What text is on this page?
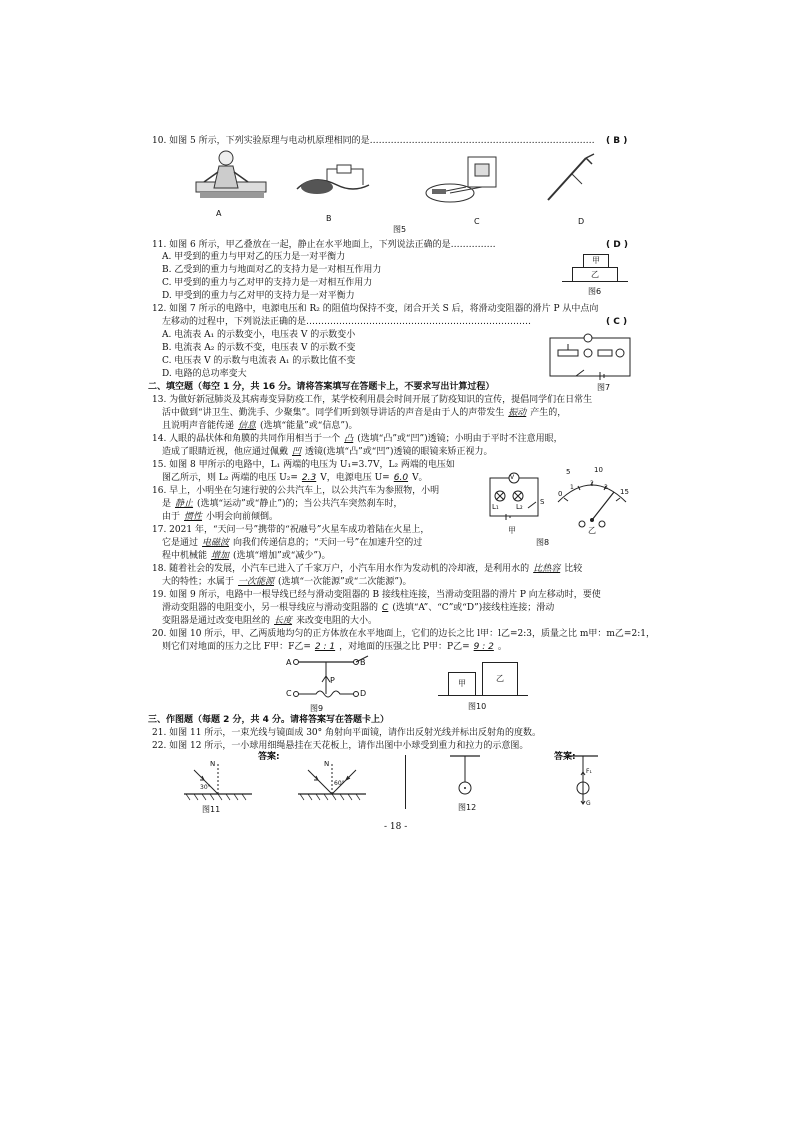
10. 如图 5 所示，下列实验原理与电动机原理相同的是………………………………………………………………… ( B )
A
B	C	D
图5
11. 如图 6 所示，甲乙叠放在一起，静止在水平地面上，下列说法正确的是……………	( D )
A. 甲受到的重力与甲对乙的压力是一对平衡力
B. 乙受到的重力与地面对乙的支持力是一对相互作用力
C. 甲受到的重力与乙对甲的支持力是一对相互作用力
D. 甲受到的重力与乙对甲的支持力是一对平衡力
甲
乙
图6
12. 如图 7 所示的电路中，电源电压和 R₂ 的阻值均保持不变，闭合开关 S 后，将滑动变阻器的滑片 P 从中点向
左移动的过程中，下列说法正确的是…………………………………………………………………	( C )
A. 电流表 A₁ 的示数变小，电压表 V 的示数变小
B. 电流表 A₂ 的示数不变，电压表 V 的示数不变
C. 电压表 V 的示数与电流表 A₁ 的示数比值不变
D. 电路的总功率变大
图7
二、填空题（每空 1 分，共 16 分。请将答案填写在答题卡上，不要求写出计算过程）
13. 为做好新冠肺炎及其病毒变异防疫工作，某学校利用晨会时间开展了防疫知识的宣传，提倡同学们在日常生
活中做到“讲卫生、勤洗手、少聚集”。同学们听到领导讲话的声音是由于人的声带发生 振动 产生的，
且说明声音能传递 信息 (选填“能量”或“信息”)。
14. 人眼的晶状体和角膜的共同作用相当于一个 凸 (选填“凸”或“凹”)透镜；小明由于平时不注意用眼，
造成了眼睛近视，他应通过佩戴 凹 透镜(选填“凸”或“凹”)透镜的眼镜来矫正视力。
15. 如图 8 甲所示的电路中，L₁ 两端的电压为 U₁=3.7V，L₂ 两端的电压如
图乙所示，则 L₂ 两端的电压 U₂= 2.3 V，电源电压 U= 6.0 V。
16. 早上，小明坐在匀速行驶的公共汽车上，以公共汽车为参照物，小明
是 静止 (选填“运动”或“静止”)的；当公共汽车突然刹车时，
由于 惯性 小明会向前倾倒。
17. 2021 年，“天问一号”携带的“祝融号”火星车成功着陆在火星上，
它是通过 电磁波 向我们传递信息的；“天问一号”在加速升空的过
程中机械能 增加 (选填“增加”或“减少”)。
V
L₁ L₂
S
甲
0
5	10
15
1
2
3
乙
图8
18. 随着社会的发展，小汽车已进入了千家万户，小汽车用水作为发动机的冷却液，是利用水的 比热容 比较
大的特性；水属于 一次能源 (选填“一次能源”或“二次能源”)。
19. 如图 9 所示，电路中一根导线已经与滑动变阻器的 B 接线柱连接，当滑动变阻器的滑片 P 向左移动时，要使
滑动变阻器的电阻变小，另一根导线应与滑动变阻器的 C (选填“A”、“C”或“D”)接线柱连接；滑动
变阻器是通过改变电阻丝的 长度 来改变电阻的大小。
20. 如图 10 所示，甲、乙两质地均匀的正方体放在水平地面上，它们的边长之比 l甲：l乙=2:3，质量之比 m甲：m乙=2:1，
则它们对地面的压力之比 F甲：F乙= 2 : 1 ，对地面的压强之比 P甲：P乙= 9 : 2 。
A	B
P
C	D
图9
甲
乙
图10
三、作图题（每题 2 分，共 4 分。请将答案写在答题卡上）
21. 如图 11 所示，一束光线与镜面成 30° 角射向平面镜，请作出反射光线并标出反射角的度数。
22. 如图 12 所示，一小球用细绳悬挂在天花板上，请作出图中小球受到重力和拉力的示意图。
答案:	答案:
N
30°
图11
N
60°
图12
F₁
G
- 18 -
